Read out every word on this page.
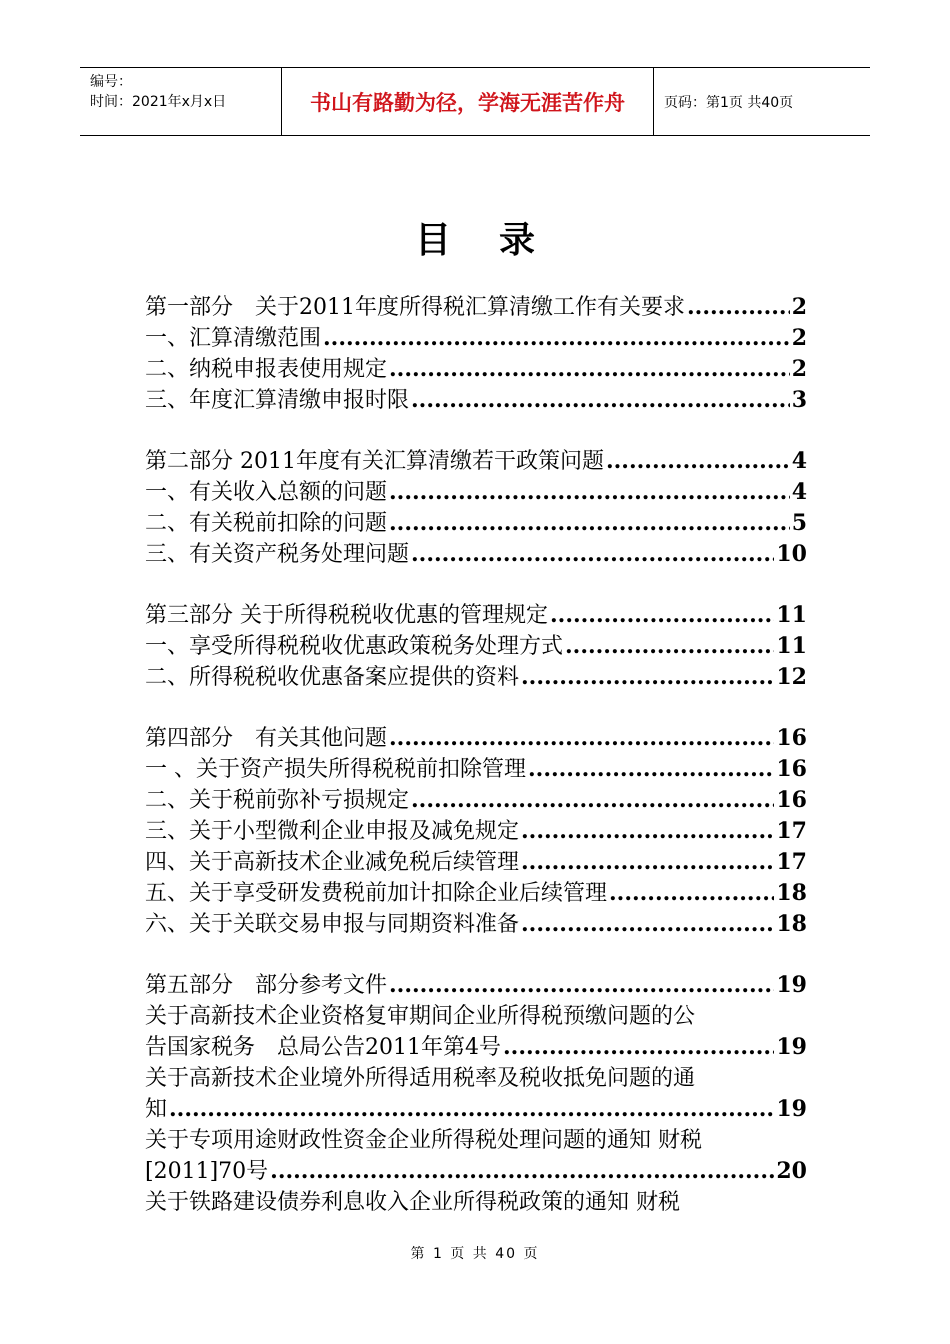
编号：
时间：2021年x月x日	书山有路勤为径，学海无涯苦作舟	页码：第1页 共40页
目录
第一部分　关于2011年度所得税汇算清缴工作有关要求 .....	2
一、汇算清缴范围 .....	2
二、纳税申报表使用规定 .....	2
三、年度汇算清缴申报时限 .....	3
第二部分 2011年度有关汇算清缴若干政策问题 .....	4
一、有关收入总额的问题 .....	4
二、有关税前扣除的问题 .....	5
三、有关资产税务处理问题 .....	10
第三部分 关于所得税税收优惠的管理规定 .....	11
一、享受所得税税收优惠政策税务处理方式 .....	11
二、所得税税收优惠备案应提供的资料 .....	12
第四部分　有关其他问题 .....	16
一 、关于资产损失所得税税前扣除管理 .....	16
二、关于税前弥补亏损规定 .....	16
三、关于小型微利企业申报及减免规定 .....	17
四、关于高新技术企业减免税后续管理 .....	17
五、关于享受研发费税前加计扣除企业后续管理 .....	18
六、关于关联交易申报与同期资料准备 .....	18
第五部分　部分参考文件 .....	19
关于高新技术企业资格复审期间企业所得税预缴问题的公
告国家税务　总局公告2011年第4号 .....	19
关于高新技术企业境外所得适用税率及税收抵免问题的通
知 .....	19
关于专项用途财政性资金企业所得税处理问题的通知 财税
[2011]70号 .....	20
关于铁路建设债券利息收入企业所得税政策的通知 财税
第 1 页 共 40 页
